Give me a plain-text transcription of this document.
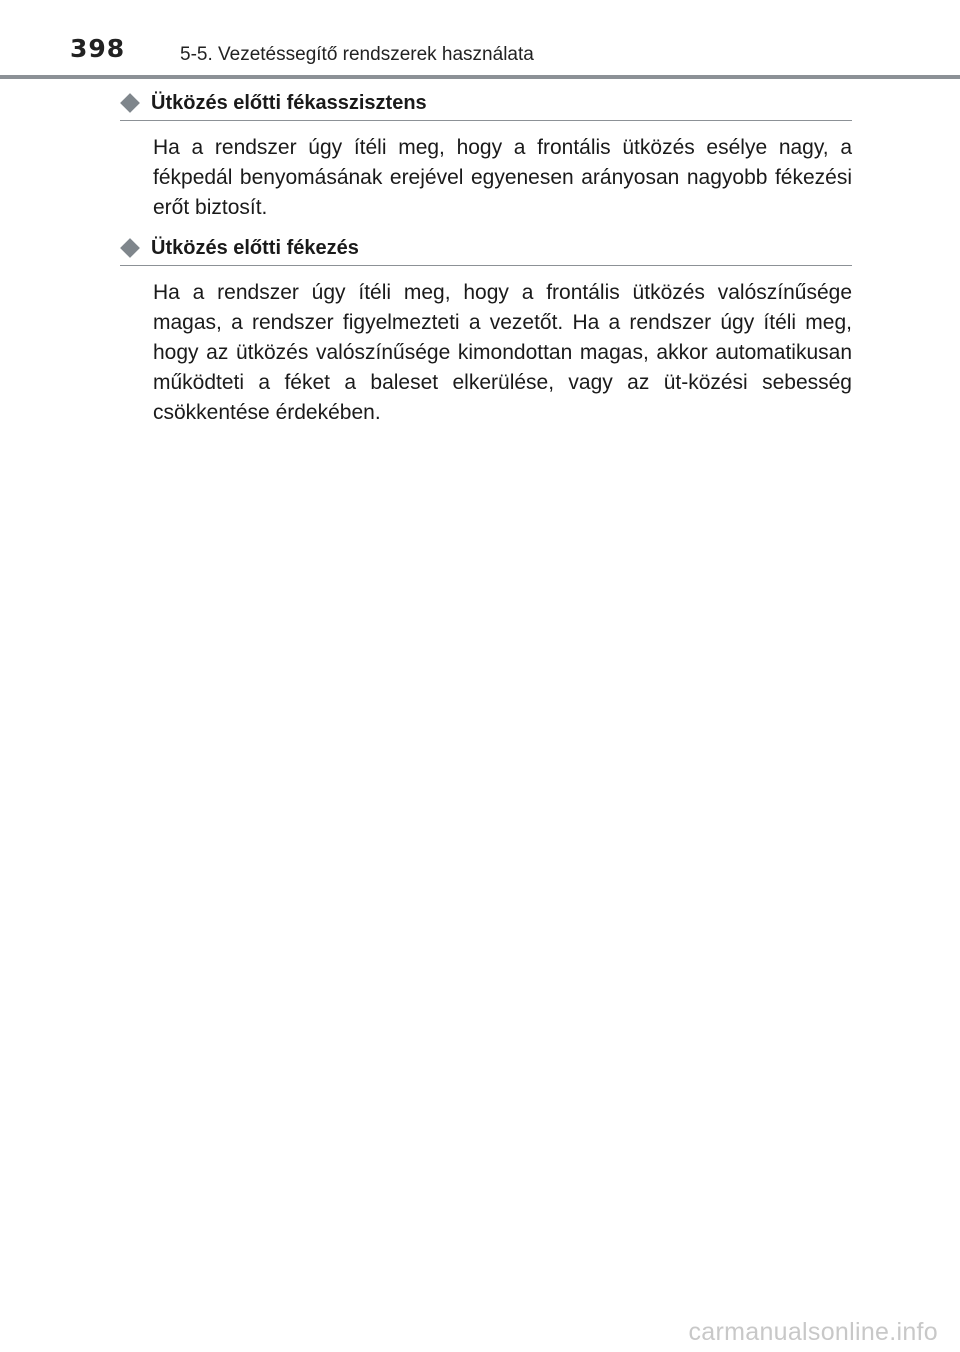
398	5-5. Vezetéssegítő rendszerek használata
Ütközés előtti fékasszisztens

Ha a rendszer úgy ítéli meg, hogy a frontális ütközés esélye nagy, a fékpedál benyomásának erejével egyenesen arányosan nagyobb fékezési erőt biztosít.

Ütközés előtti fékezés

Ha a rendszer úgy ítéli meg, hogy a frontális ütközés valószínűsége magas, a rendszer figyelmezteti a vezetőt. Ha a rendszer úgy ítéli meg, hogy az ütközés valószínűsége kimondottan magas, akkor automatikusan működteti a féket a baleset elkerülése, vagy az üt-közési sebesség csökkentése érdekében.

carmanualsonline.info
